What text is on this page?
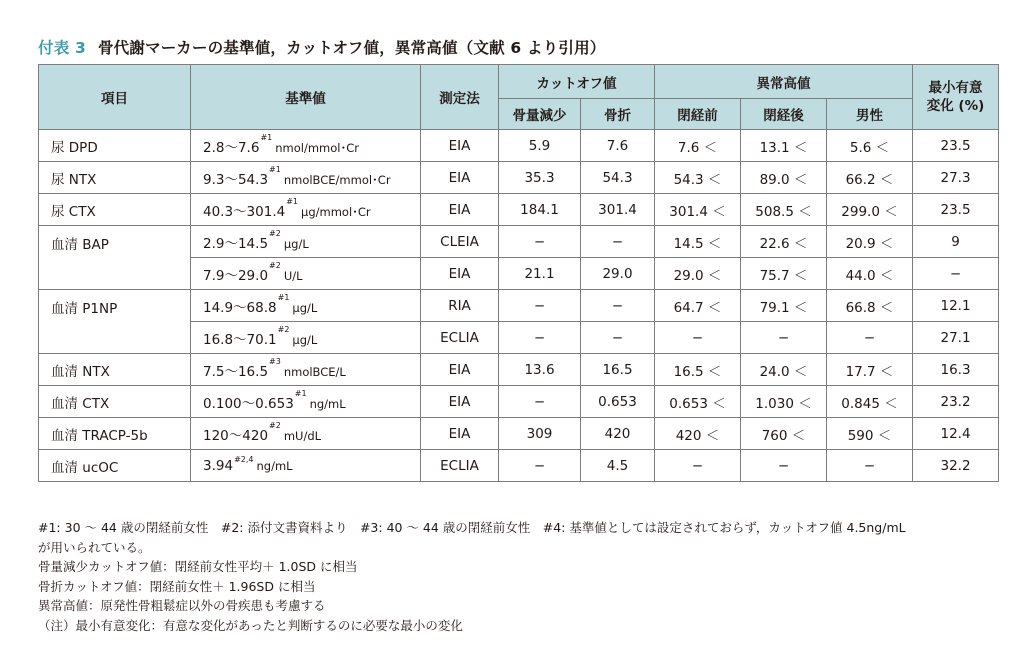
付表 3 骨代謝マーカーの基準値，カットオフ値，異常高値（文献 6 より引用）
項目	基準値	測定法	カットオフ値		異常高値			最小有意
変化 (%)
			骨量減少	骨折	閉経前	閉経後	男性	
尿 DPD	2.8〜7.6$^{\#1}$nmol/mmol･Cr	EIA	5.9	7.6	7.6 ＜	13.1 ＜	5.6 ＜	23.5
尿 NTX	9.3〜54.3$^{\#1}$nmolBCE/mmol･Cr	EIA	35.3	54.3	54.3 ＜	89.0 ＜	66.2 ＜	27.3
尿 CTX	40.3〜301.4$^{\#1}$μg/mmol･Cr	EIA	184.1	301.4	301.4 ＜	508.5 ＜	299.0 ＜	23.5
血清 BAP	2.9〜14.5$^{\#2}$μg/L	CLEIA	−	−	14.5 ＜	22.6 ＜	20.9 ＜	9
	7.9〜29.0$^{\#2}$U/L	EIA	21.1	29.0	29.0 ＜	75.7 ＜	44.0 ＜	−
血清 P1NP	14.9〜68.8$^{\#1}$μg/L	RIA	−	−	64.7 ＜	79.1 ＜	66.8 ＜	12.1
	16.8〜70.1$^{\#2}$μg/L	ECLIA	−	−	−	−	−	27.1
血清 NTX	7.5〜16.5$^{\#3}$nmolBCE/L	EIA	13.6	16.5	16.5 ＜	24.0 ＜	17.7 ＜	16.3
血清 CTX	0.100〜0.653$^{\#1}$ng/mL	EIA	−	0.653	0.653 ＜	1.030 ＜	0.845 ＜	23.2
血清 TRACP-5b	120〜420$^{\#2}$mU/dL	EIA	309	420	420 ＜	760 ＜	590 ＜	12.4
血清 ucOC	3.94$^{\#2,4}$ ng/mL	ECLIA	−	4.5	−	−	−	32.2
#1: 30 〜 44 歳の閉経前女性　#2: 添付文書資料より　#3: 40 〜 44 歳の閉経前女性　#4: 基準値としては設定されておらず，カットオフ値 4.5ng/mL
が用いられている。
骨量減少カットオフ値：閉経前女性平均＋ 1.0SD に相当
骨折カットオフ値：閉経前女性＋ 1.96SD に相当
異常高値：原発性骨粗鬆症以外の骨疾患も考慮する
（注）最小有意変化：有意な変化があったと判断するのに必要な最小の変化
